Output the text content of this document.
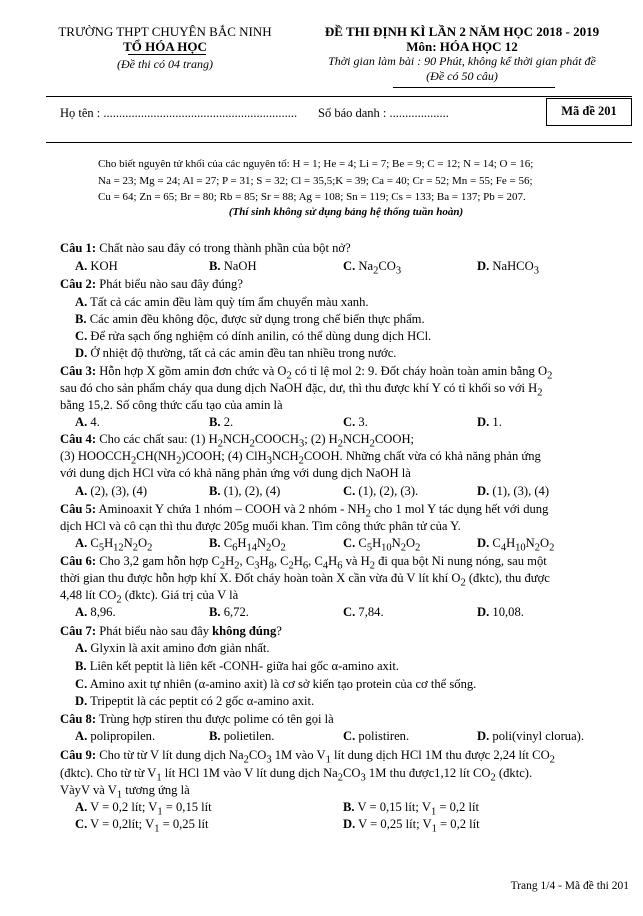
TRƯỜNG THPT CHUYÊN BẮC NINH
TỔ HÓA HỌC
(Đề thi có 04 trang)
ĐỀ THI ĐỊNH KÌ LẦN 2 NĂM HỌC 2018 - 2019
Môn: HÓA HỌC 12
Thời gian làm bài : 90 Phút, không kể thời gian phát đề
(Đề có 50 câu)
Họ tên : .............................................................. Số báo danh : ...................	Mã đề 201
Cho biết nguyên tử khối của các nguyên tố: H = 1; He = 4; Li = 7; Be = 9; C = 12; N = 14; O = 16;
Na = 23; Mg = 24; Al = 27; P = 31; S = 32; Cl = 35,5;K = 39; Ca = 40; Cr = 52; Mn = 55; Fe = 56;
Cu = 64; Zn = 65; Br = 80; Rb = 85; Sr = 88; Ag = 108; Sn = 119; Cs = 133; Ba = 137; Pb = 207.
(Thí sinh không sử dụng bảng hệ thống tuần hoàn)
Câu 1: Chất nào sau đây có trong thành phần của bột nở?
A. KOH	B. NaOH	C. $Na_2CO_3$	D. NaHCO$_3$
Câu 2: Phát biểu nào sau đây đúng?
A. Tất cả các amin đều làm quỳ tím ẩm chuyển màu xanh.
B. Các amin đều không độc, được sử dụng trong chế biến thực phẩm.
C. Để rửa sạch ống nghiệm có dính anilin, có thể dùng dung dịch HCl.
D. Ở nhiệt độ thường, tất cả các amin đều tan nhiều trong nước.
Câu 3: Hỗn hợp X gồm amin đơn chức và $O_2$ có tỉ lệ mol 2: 9. Đốt cháy hoàn toàn amin bằng $O_2$
sau đó cho sản phẩm cháy qua dung dịch NaOH đặc, dư, thì thu được khí Y có tỉ khối so với $H_2$
bằng 15,2. Số công thức cấu tạo của amin là
A. 4.	B. 2.	C. 3.	D. 1.
Câu 4: Cho các chất sau: (1) $H_2NCH_2COOCH_3$; (2) $H_2NCH_2COOH$;
(3) $HOOCCH_2CH(NH_2)COOH$; (4) $ClH_3NCH_2COOH$. Những chất vừa có khả năng phản ứng
với dung dịch HCl vừa có khả năng phản ứng với dung dịch NaOH là
A. (2), (3), (4)	B. (1), (2), (4)	C. (1), (2), (3).	D. (1), (3), (4)
Câu 5: Aminoaxit Y chứa 1 nhóm – COOH và 2 nhóm - $NH_2$ cho 1 mol Y tác dụng hết với dung
dịch HCl và cô cạn thì thu được 205g muối khan. Tìm công thức phân tử của Y.
A. $C_5H_{12}N_2O_2$	B. $C_6H_{14}N_2O_2$	C. $C_5H_{10}N_2O_2$	D. $C_4H_{10}N_2O_2$
Câu 6: Cho 3,2 gam hỗn hợp $C_2H_2$, $C_3H_8$, $C_2H_6$, $C_4H_6$ và $H_2$ đi qua bột Ni nung nóng, sau một
thời gian thu được hỗn hợp khí X. Đốt cháy hoàn toàn X cần vừa đủ V lít khí $O_2$ (đktc), thu được
4,48 lít $CO_2$ (đktc). Giá trị của V là
A. 8,96.	B. 6,72.	C. 7,84.	D. 10,08.
Câu 7: Phát biểu nào sau đây không đúng?
A. Glyxin là axit amino đơn giản nhất.
B. Liên kết peptit là liên kết -CONH- giữa hai gốc α-amino axit.
C. Amino axit tự nhiên (α-amino axit) là cơ sở kiến tạo protein của cơ thể sống.
D. Tripeptit là các peptit có 2 gốc α-amino axit.
Câu 8: Trùng hợp stiren thu được polime có tên gọi là
A. polipropilen.	B. polietilen.	C. polistiren.	D. poli(vinyl clorua).
Câu 9: Cho từ từ V lít dung dịch $Na_2CO_3$ 1M vào $V_1$ lít dung dịch HCl 1M thu được 2,24 lít $CO_2$
(đktc). Cho từ từ $V_1$ lít HCl 1M vào V lít dung dịch $Na_2CO_3$ 1M thu được1,12 lít $CO_2$ (đktc).
VàyV và $V_1$ tương ứng là
A. V = 0,2 lít; $V_1 = 0,15$ lít	B. V = 0,15 lít; $V_1 = 0,2$ lít
C. V = 0,2lít; $V_1 = 0,25$ lít	D. V = 0,25 lít; $V_1 = 0,2$ lít
Trang 1/4 - Mã đề thi 201
